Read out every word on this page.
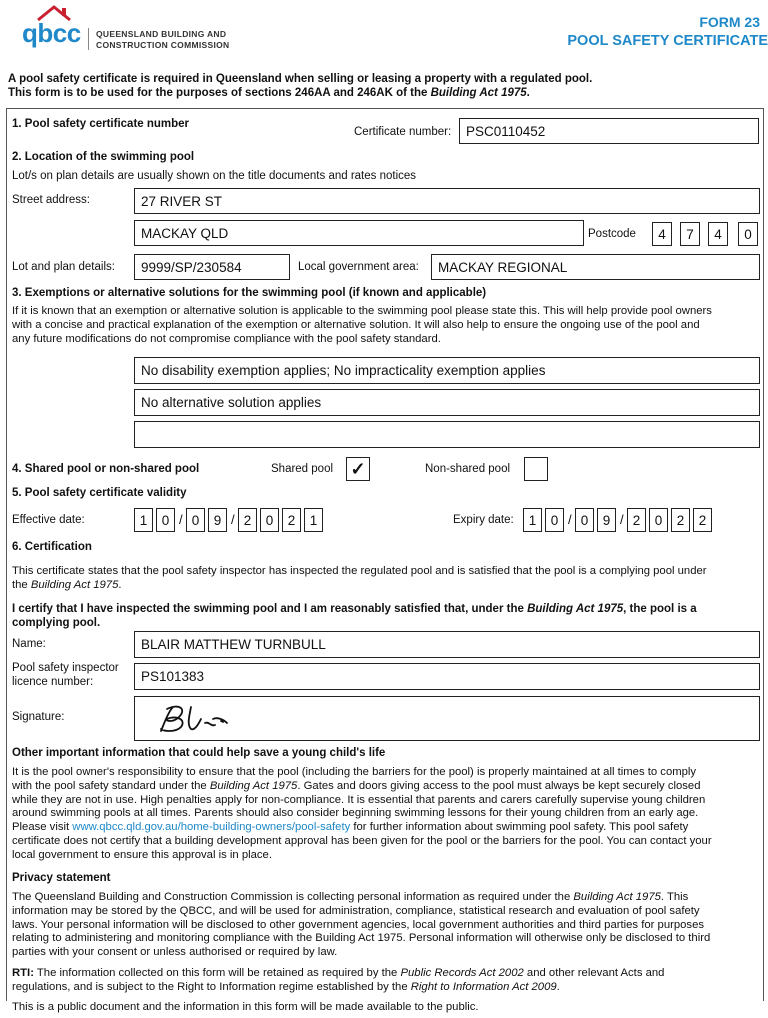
qbcc QUEENSLAND BUILDING AND
CONSTRUCTION COMMISSION
FORM 23
POOL SAFETY CERTIFICATE
A pool safety certificate is required in Queensland when selling or leasing a property with a regulated pool.
This form is to be used for the purposes of sections 246AA and 246AK of the Building Act 1975.
1. Pool safety certificate number
Certificate number:	PSC0110452
2. Location of the swimming pool
Lot/s on plan details are usually shown on the title documents and rates notices
Street address:	27 RIVER ST
MACKAY QLD	Postcode	4	7	4	0
Lot and plan details:	9999/SP/230584	Local government area:	MACKAY REGIONAL
3. Exemptions or alternative solutions for the swimming pool (if known and applicable)
If it is known that an exemption or alternative solution is applicable to the swimming pool please state this. This will help provide pool owners
with a concise and practical explanation of the exemption or alternative solution. It will also help to ensure the ongoing use of the pool and
any future modifications do not compromise compliance with the pool safety standard.
No disability exemption applies; No impracticality exemption applies
No alternative solution applies
4. Shared pool or non-shared pool	Shared pool ✓	Non-shared pool
5. Pool safety certificate validity
Effective date:	1	0 / 0	9 / 2	0	2	1	Expiry date:	1	0 / 0	9 / 2	0	2	2
6. Certification
This certificate states that the pool safety inspector has inspected the regulated pool and is satisfied that the pool is a complying pool under
the Building Act 1975.
I certify that I have inspected the swimming pool and I am reasonably satisfied that, under the Building Act 1975, the pool is a
complying pool.
Name:	BLAIR MATTHEW TURNBULL
Pool safety inspector
licence number:	PS101383
Signature:
Other important information that could help save a young child's life
It is the pool owner's responsibility to ensure that the pool (including the barriers for the pool) is properly maintained at all times to comply
with the pool safety standard under the Building Act 1975. Gates and doors giving access to the pool must always be kept securely closed
while they are not in use. High penalties apply for non-compliance. It is essential that parents and carers carefully supervise young children
around swimming pools at all times. Parents should also consider beginning swimming lessons for their young children from an early age.
Please visit www.qbcc.qld.gov.au/home-building-owners/pool-safety for further information about swimming pool safety. This pool safety
certificate does not certify that a building development approval has been given for the pool or the barriers for the pool. You can contact your
local government to ensure this approval is in place.
Privacy statement
The Queensland Building and Construction Commission is collecting personal information as required under the Building Act 1975. This
information may be stored by the QBCC, and will be used for administration, compliance, statistical research and evaluation of pool safety
laws. Your personal information will be disclosed to other government agencies, local government authorities and third parties for purposes
relating to administering and monitoring compliance with the Building Act 1975. Personal information will otherwise only be disclosed to third
parties with your consent or unless authorised or required by law.
RTI: The information collected on this form will be retained as required by the Public Records Act 2002 and other relevant Acts and
regulations, and is subject to the Right to Information regime established by the Right to Information Act 2009.
This is a public document and the information in this form will be made available to the public.
